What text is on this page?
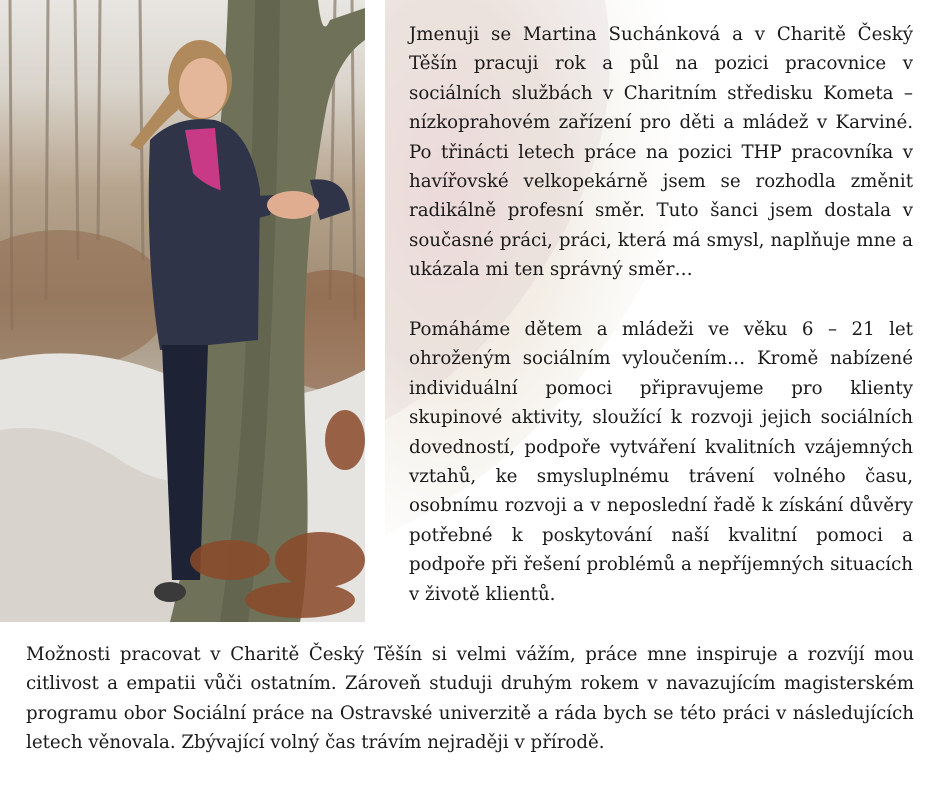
Jmenuji se Martina Suchánková a v Charitě Český Těšín pracuji rok a půl na pozici pracovnice v sociálních službách v Charitním středisku Kometa – nízkoprahovém zařízení pro děti a mládež v Karviné. Po třinácti letech práce na pozici THP pracovníka v havířovské velkopekárně jsem se rozhodla změnit radikálně profesní směr. Tuto šanci jsem dostala v současné práci, práci, která má smysl, naplňuje mne a ukázala mi ten správný směr…

Pomáháme dětem a mládeži ve věku 6 – 21 let ohroženým sociálním vyloučením… Kromě nabízené individuální pomoci připravujeme pro klienty skupinové aktivity, sloužící k rozvoji jejich sociálních dovedností, podpoře vytváření kvalitních vzájemných vztahů, ke smysluplnému trávení volného času, osobnímu rozvoji a v neposlední řadě k získání důvěry potřebné k poskytování naší kvalitní pomoci a podpoře při řešení problémů a nepříjemných situacích v životě klientů.

Možnosti pracovat v Charitě Český Těšín si velmi vážím, práce mne inspiruje a rozvíjí mou citlivost a empatii vůči ostatním. Zároveň studuji druhým rokem v navazujícím magisterském programu obor Sociální práce na Ostravské univerzitě a ráda bych se této práci v následujících letech věnovala. Zbývající volný čas trávím nejraději v přírodě.
